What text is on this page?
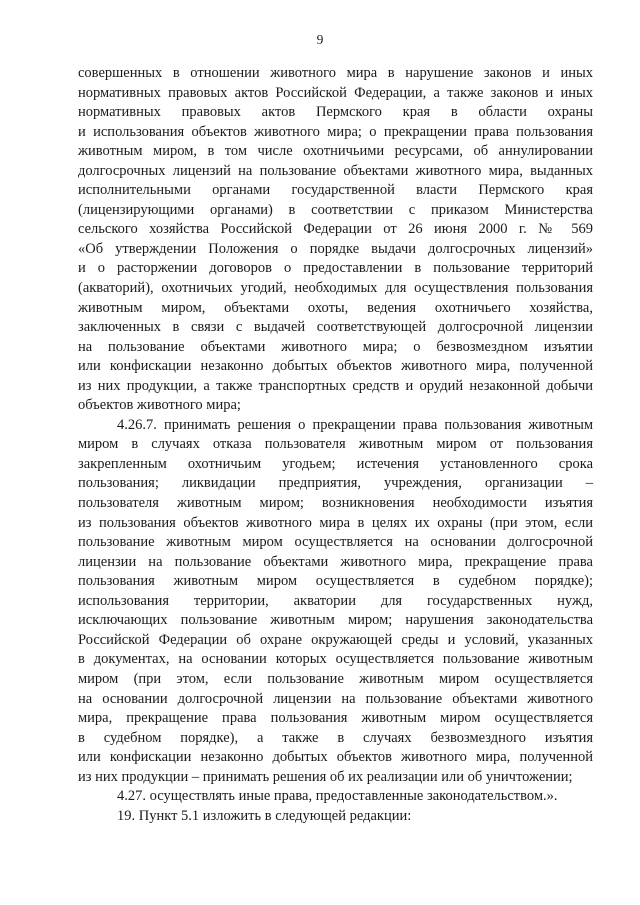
9
совершенных в отношении животного мира в нарушение законов и иных
нормативных правовых актов Российской Федерации, а также законов и иных
нормативных правовых актов Пермского края в области охраны
и использования объектов животного мира; о прекращении права пользования
животным миром, в том числе охотничьими ресурсами, об аннулировании
долгосрочных лицензий на пользование объектами животного мира, выданных
исполнительными органами государственной власти Пермского края
(лицензирующими органами) в соответствии с приказом Министерства
сельского хозяйства Российской Федерации от 26 июня 2000 г. № 569
«Об утверждении Положения о порядке выдачи долгосрочных лицензий»
и о расторжении договоров о предоставлении в пользование территорий
(акваторий), охотничьих угодий, необходимых для осуществления пользования
животным миром, объектами охоты, ведения охотничьего хозяйства,
заключенных в связи с выдачей соответствующей долгосрочной лицензии
на пользование объектами животного мира; о безвозмездном изъятии
или конфискации незаконно добытых объектов животного мира, полученной
из них продукции, а также транспортных средств и орудий незаконной добычи
объектов животного мира;
4.26.7. принимать решения о прекращении права пользования животным
миром в случаях отказа пользователя животным миром от пользования
закрепленным охотничьим угодьем; истечения установленного срока
пользования; ликвидации предприятия, учреждения, организации –
пользователя животным миром; возникновения необходимости изъятия
из пользования объектов животного мира в целях их охраны (при этом, если
пользование животным миром осуществляется на основании долгосрочной
лицензии на пользование объектами животного мира, прекращение права
пользования животным миром осуществляется в судебном порядке);
использования территории, акватории для государственных нужд,
исключающих пользование животным миром; нарушения законодательства
Российской Федерации об охране окружающей среды и условий, указанных
в документах, на основании которых осуществляется пользование животным
миром (при этом, если пользование животным миром осуществляется
на основании долгосрочной лицензии на пользование объектами животного
мира, прекращение права пользования животным миром осуществляется
в судебном порядке), а также в случаях безвозмездного изъятия
или конфискации незаконно добытых объектов животного мира, полученной
из них продукции – принимать решения об их реализации или об уничтожении;
4.27. осуществлять иные права, предоставленные законодательством.».
19. Пункт 5.1 изложить в следующей редакции:
